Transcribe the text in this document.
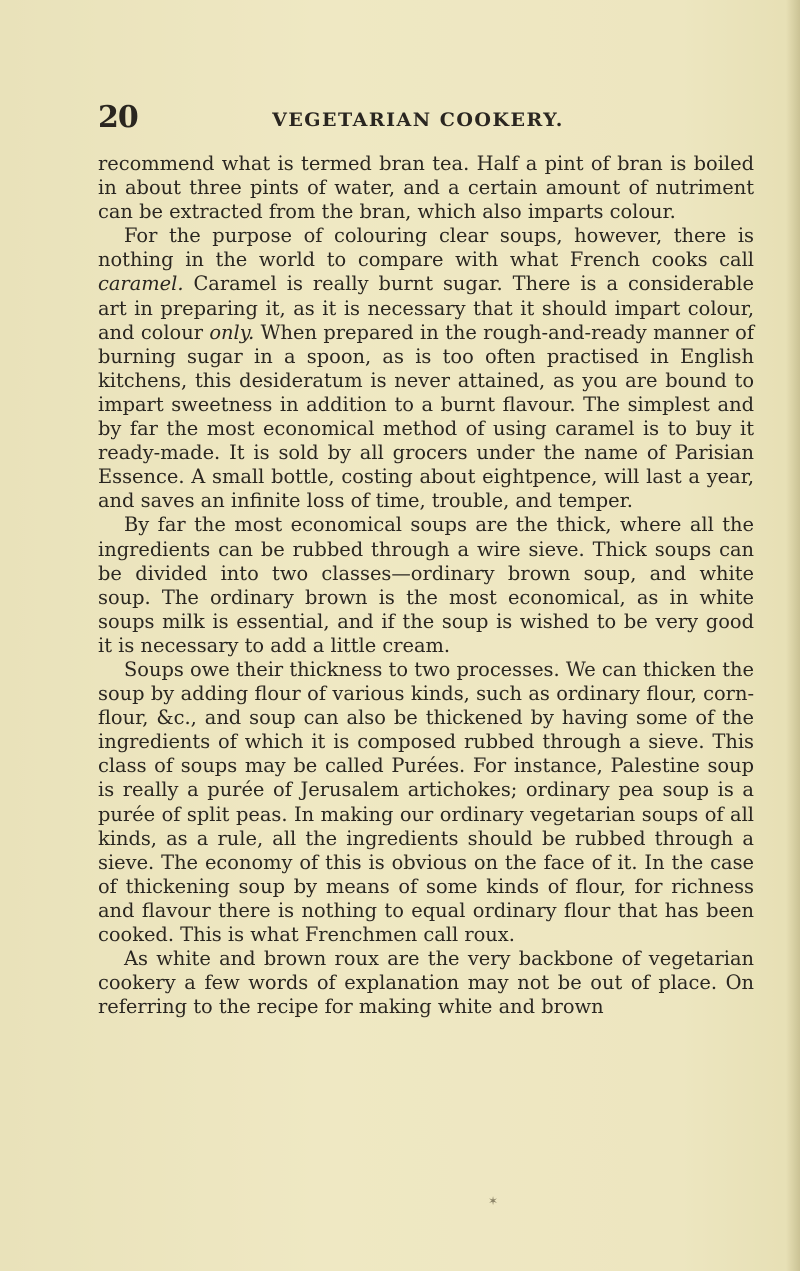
20	VEGETARIAN COOKERY.

recommend what is termed bran tea. Half a pint of bran is boiled in about three pints of water, and a certain amount of nutriment can be extracted from the bran, which also imparts colour.

For the purpose of colouring clear soups, however, there is nothing in the world to compare with what French cooks call caramel. Caramel is really burnt sugar. There is a considerable art in preparing it, as it is necessary that it should impart colour, and colour only. When prepared in the rough-and-ready manner of burning sugar in a spoon, as is too often practised in English kitchens, this desideratum is never attained, as you are bound to impart sweetness in addition to a burnt flavour. The simplest and by far the most economical method of using caramel is to buy it ready-made. It is sold by all grocers under the name of Parisian Essence. A small bottle, costing about eightpence, will last a year, and saves an infinite loss of time, trouble, and temper.

By far the most economical soups are the thick, where all the ingredients can be rubbed through a wire sieve. Thick soups can be divided into two classes—ordinary brown soup, and white soup. The ordinary brown is the most economical, as in white soups milk is essential, and if the soup is wished to be very good it is necessary to add a little cream.

Soups owe their thickness to two processes. We can thicken the soup by adding flour of various kinds, such as ordinary flour, corn-flour, &c., and soup can also be thickened by having some of the ingredients of which it is composed rubbed through a sieve. This class of soups may be called Purées. For instance, Palestine soup is really a purée of Jerusalem artichokes; ordinary pea soup is a purée of split peas. In making our ordinary vegetarian soups of all kinds, as a rule, all the ingredients should be rubbed through a sieve. The economy of this is obvious on the face of it. In the case of thickening soup by means of some kinds of flour, for richness and flavour there is nothing to equal ordinary flour that has been cooked. This is what Frenchmen call roux.

As white and brown roux are the very backbone of vegetarian cookery a few words of explanation may not be out of place. On referring to the recipe for making white and brown

✶
